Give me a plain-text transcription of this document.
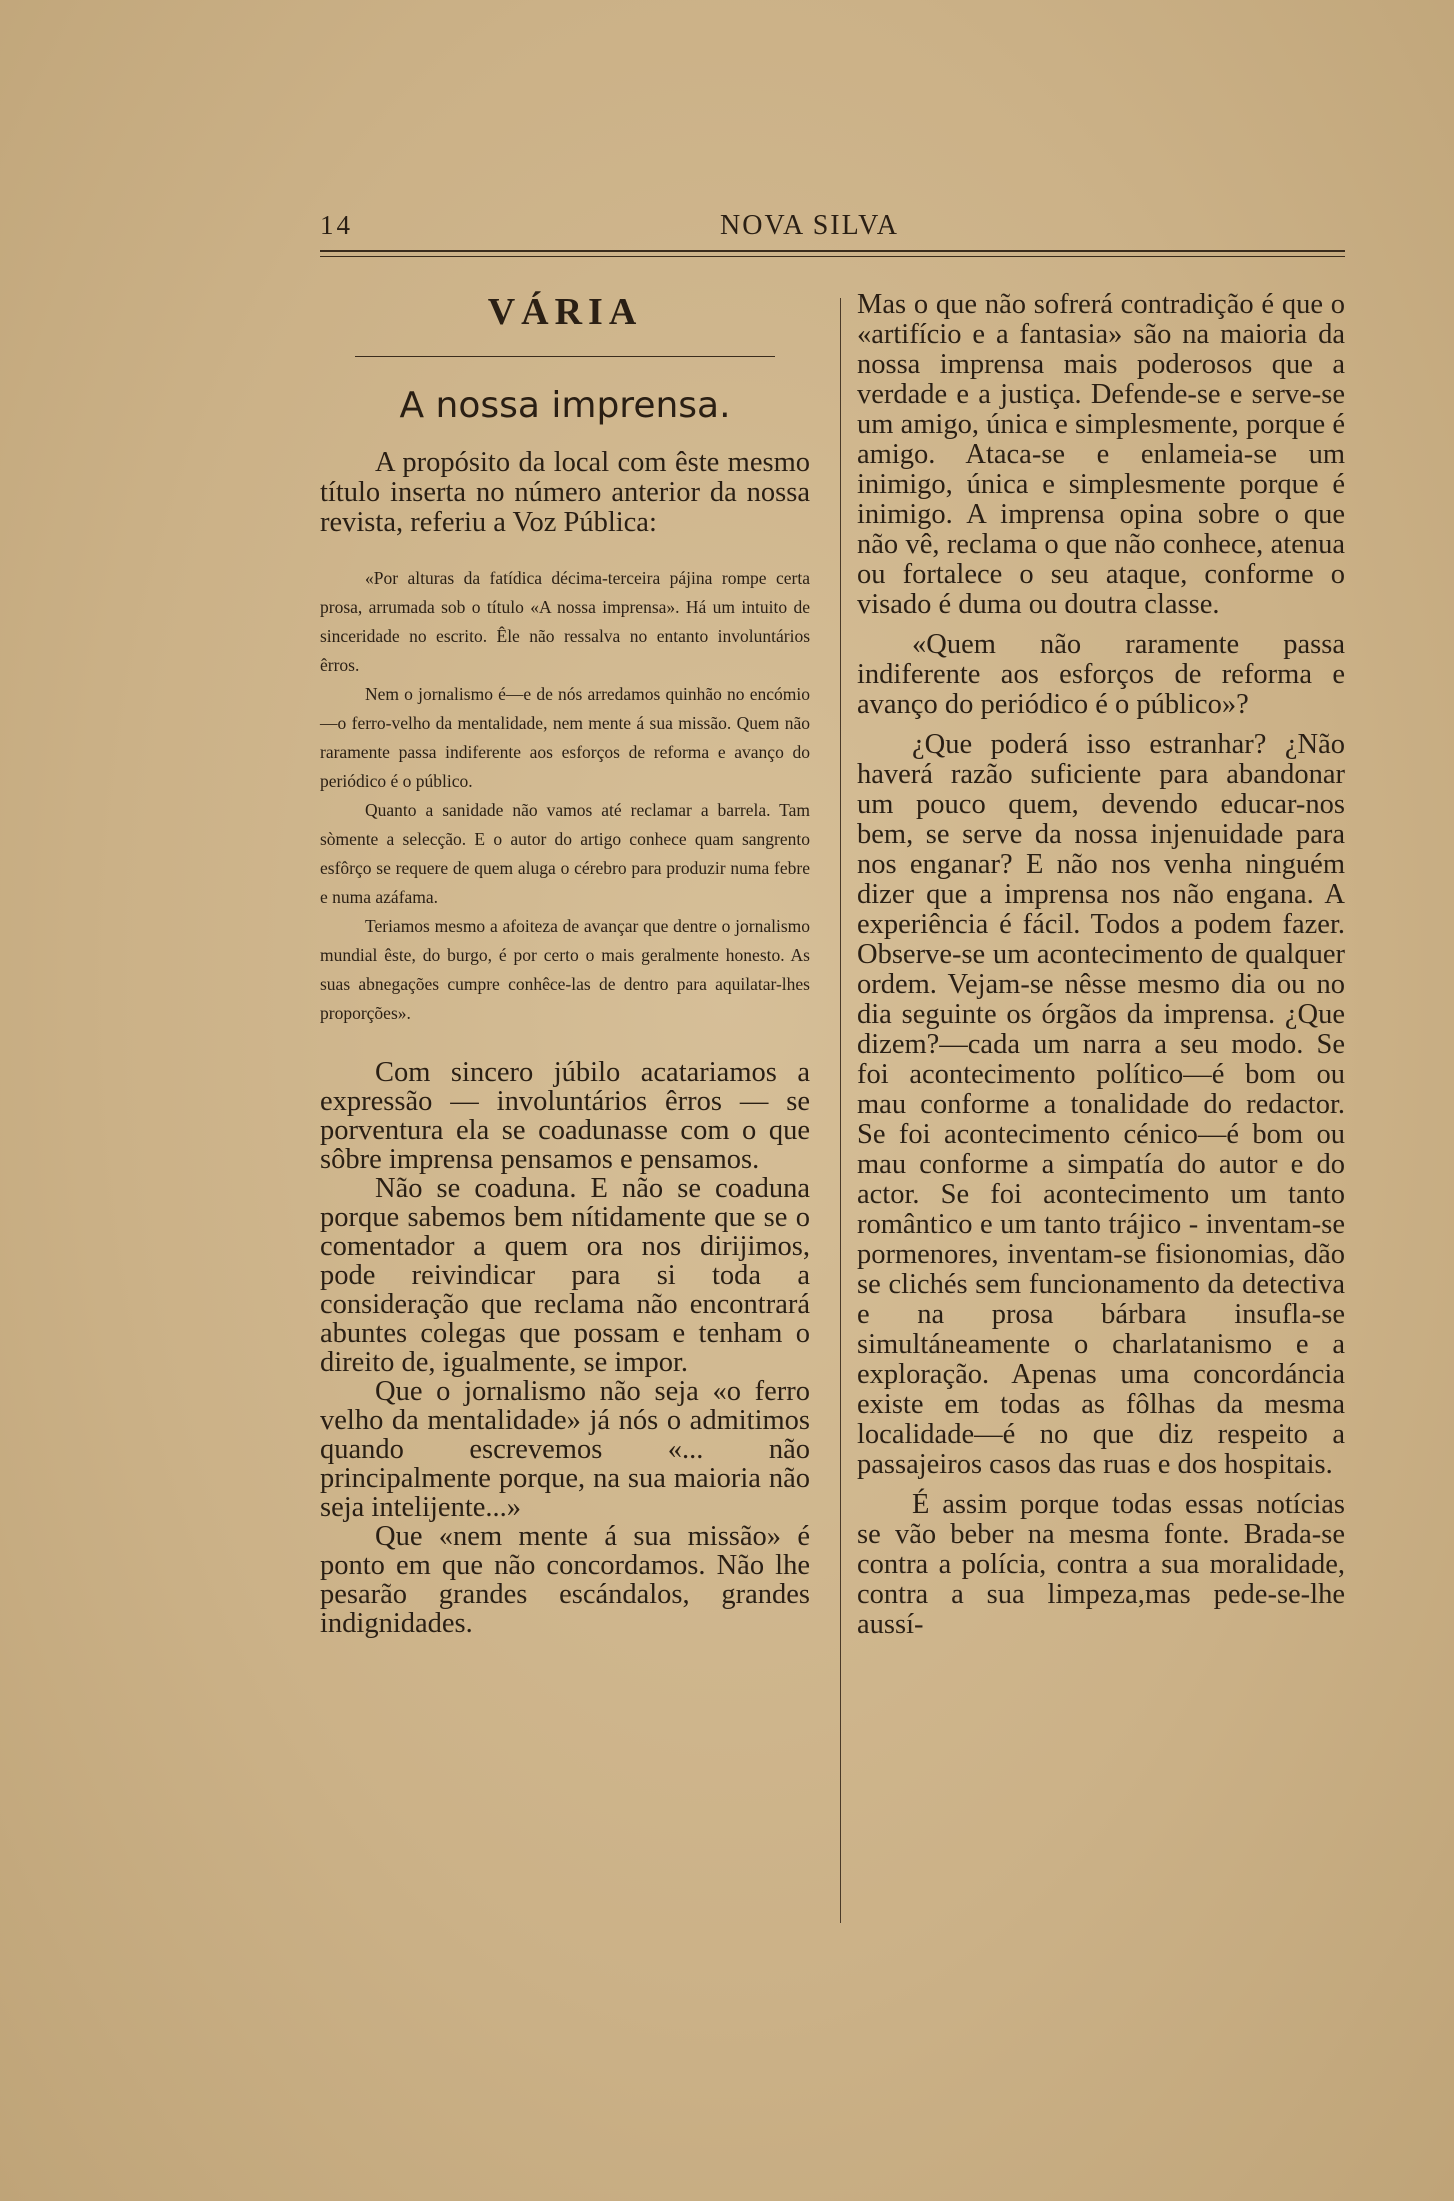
14	NOVA SILVA
VÁRIA
A nossa imprensa.

A propósito da local com êste mesmo título inserta no número anterior da nossa revista, referiu a Voz Pública:

«Por alturas da fatídica décima-terceira pájina rompe certa prosa, arrumada sob o título «A nossa imprensa». Há um intuito de sinceridade no escrito. Êle não ressalva no entanto involuntários êrros.

Nem o jornalismo é—e de nós arredamos quinhão no encómio—o ferro-velho da mentalidade, nem mente á sua missão. Quem não raramente passa indiferente aos esforços de reforma e avanço do periódico é o público.

Quanto a sanidade não vamos até reclamar a barrela. Tam sòmente a selecção. E o autor do artigo conhece quam sangrento esfôrço se requere de quem aluga o cérebro para produzir numa febre e numa azáfama.

Teriamos mesmo a afoiteza de avançar que dentre o jornalismo mundial êste, do burgo, é por certo o mais geralmente honesto. As suas abnegações cumpre conhêce-las de dentro para aquilatar-lhes proporções».

Com sincero júbilo acatariamos a expressão — involuntários êrros — se porventura ela se coadunasse com o que sôbre imprensa pensamos e pensamos.

Não se coaduna. E não se coaduna porque sabemos bem nítidamente que se o comentador a quem ora nos dirijimos, pode reivindicar para si toda a consideração que reclama não encontrará abuntes colegas que possam e tenham o direito de, igualmente, se impor.

Que o jornalismo não seja «o ferro velho da mentalidade» já nós o admitimos quando escrevemos «... não principalmente porque, na sua maioria não seja intelijente...»

Que «nem mente á sua missão» é ponto em que não concordamos. Não lhe pesarão grandes escándalos, grandes indignidades.

Mas o que não sofrerá contradição é que o «artifício e a fantasia» são na maioria da nossa imprensa mais poderosos que a verdade e a justiça. Defende-se e serve-se um amigo, única e simplesmente, porque é amigo. Ataca-se e enlameia-se um inimigo, única e simplesmente porque é inimigo. A imprensa opina sobre o que não vê, reclama o que não conhece, atenua ou fortalece o seu ataque, conforme o visado é duma ou doutra classe.

«Quem não raramente passa indiferente aos esforços de reforma e avanço do periódico é o público»?

¿Que poderá isso estranhar? ¿Não haverá razão suficiente para abandonar um pouco quem, devendo educar-nos bem, se serve da nossa injenuidade para nos enganar? E não nos venha ninguém dizer que a imprensa nos não engana. A experiência é fácil. Todos a podem fazer. Observe-se um acontecimento de qualquer ordem. Vejam-se nêsse mesmo dia ou no dia seguinte os órgãos da imprensa. ¿Que dizem?—cada um narra a seu modo. Se foi acontecimento político—é bom ou mau conforme a tonalidade do redactor. Se foi acontecimento cénico—é bom ou mau conforme a simpatía do autor e do actor. Se foi acontecimento um tanto romântico e um tanto trájico - inventam-se pormenores, inventam-se fisionomias, dão se clichés sem funcionamento da detectiva e na prosa bárbara insufla-se simultáneamente o charlatanismo e a exploração. Apenas uma concordáncia existe em todas as fôlhas da mesma localidade—é no que diz respeito a passajeiros casos das ruas e dos hospitais.

É assim porque todas essas notícias se vão beber na mesma fonte. Brada-se contra a polícia, contra a sua moralidade, contra a sua limpeza,mas pede-se-lhe aussí-
